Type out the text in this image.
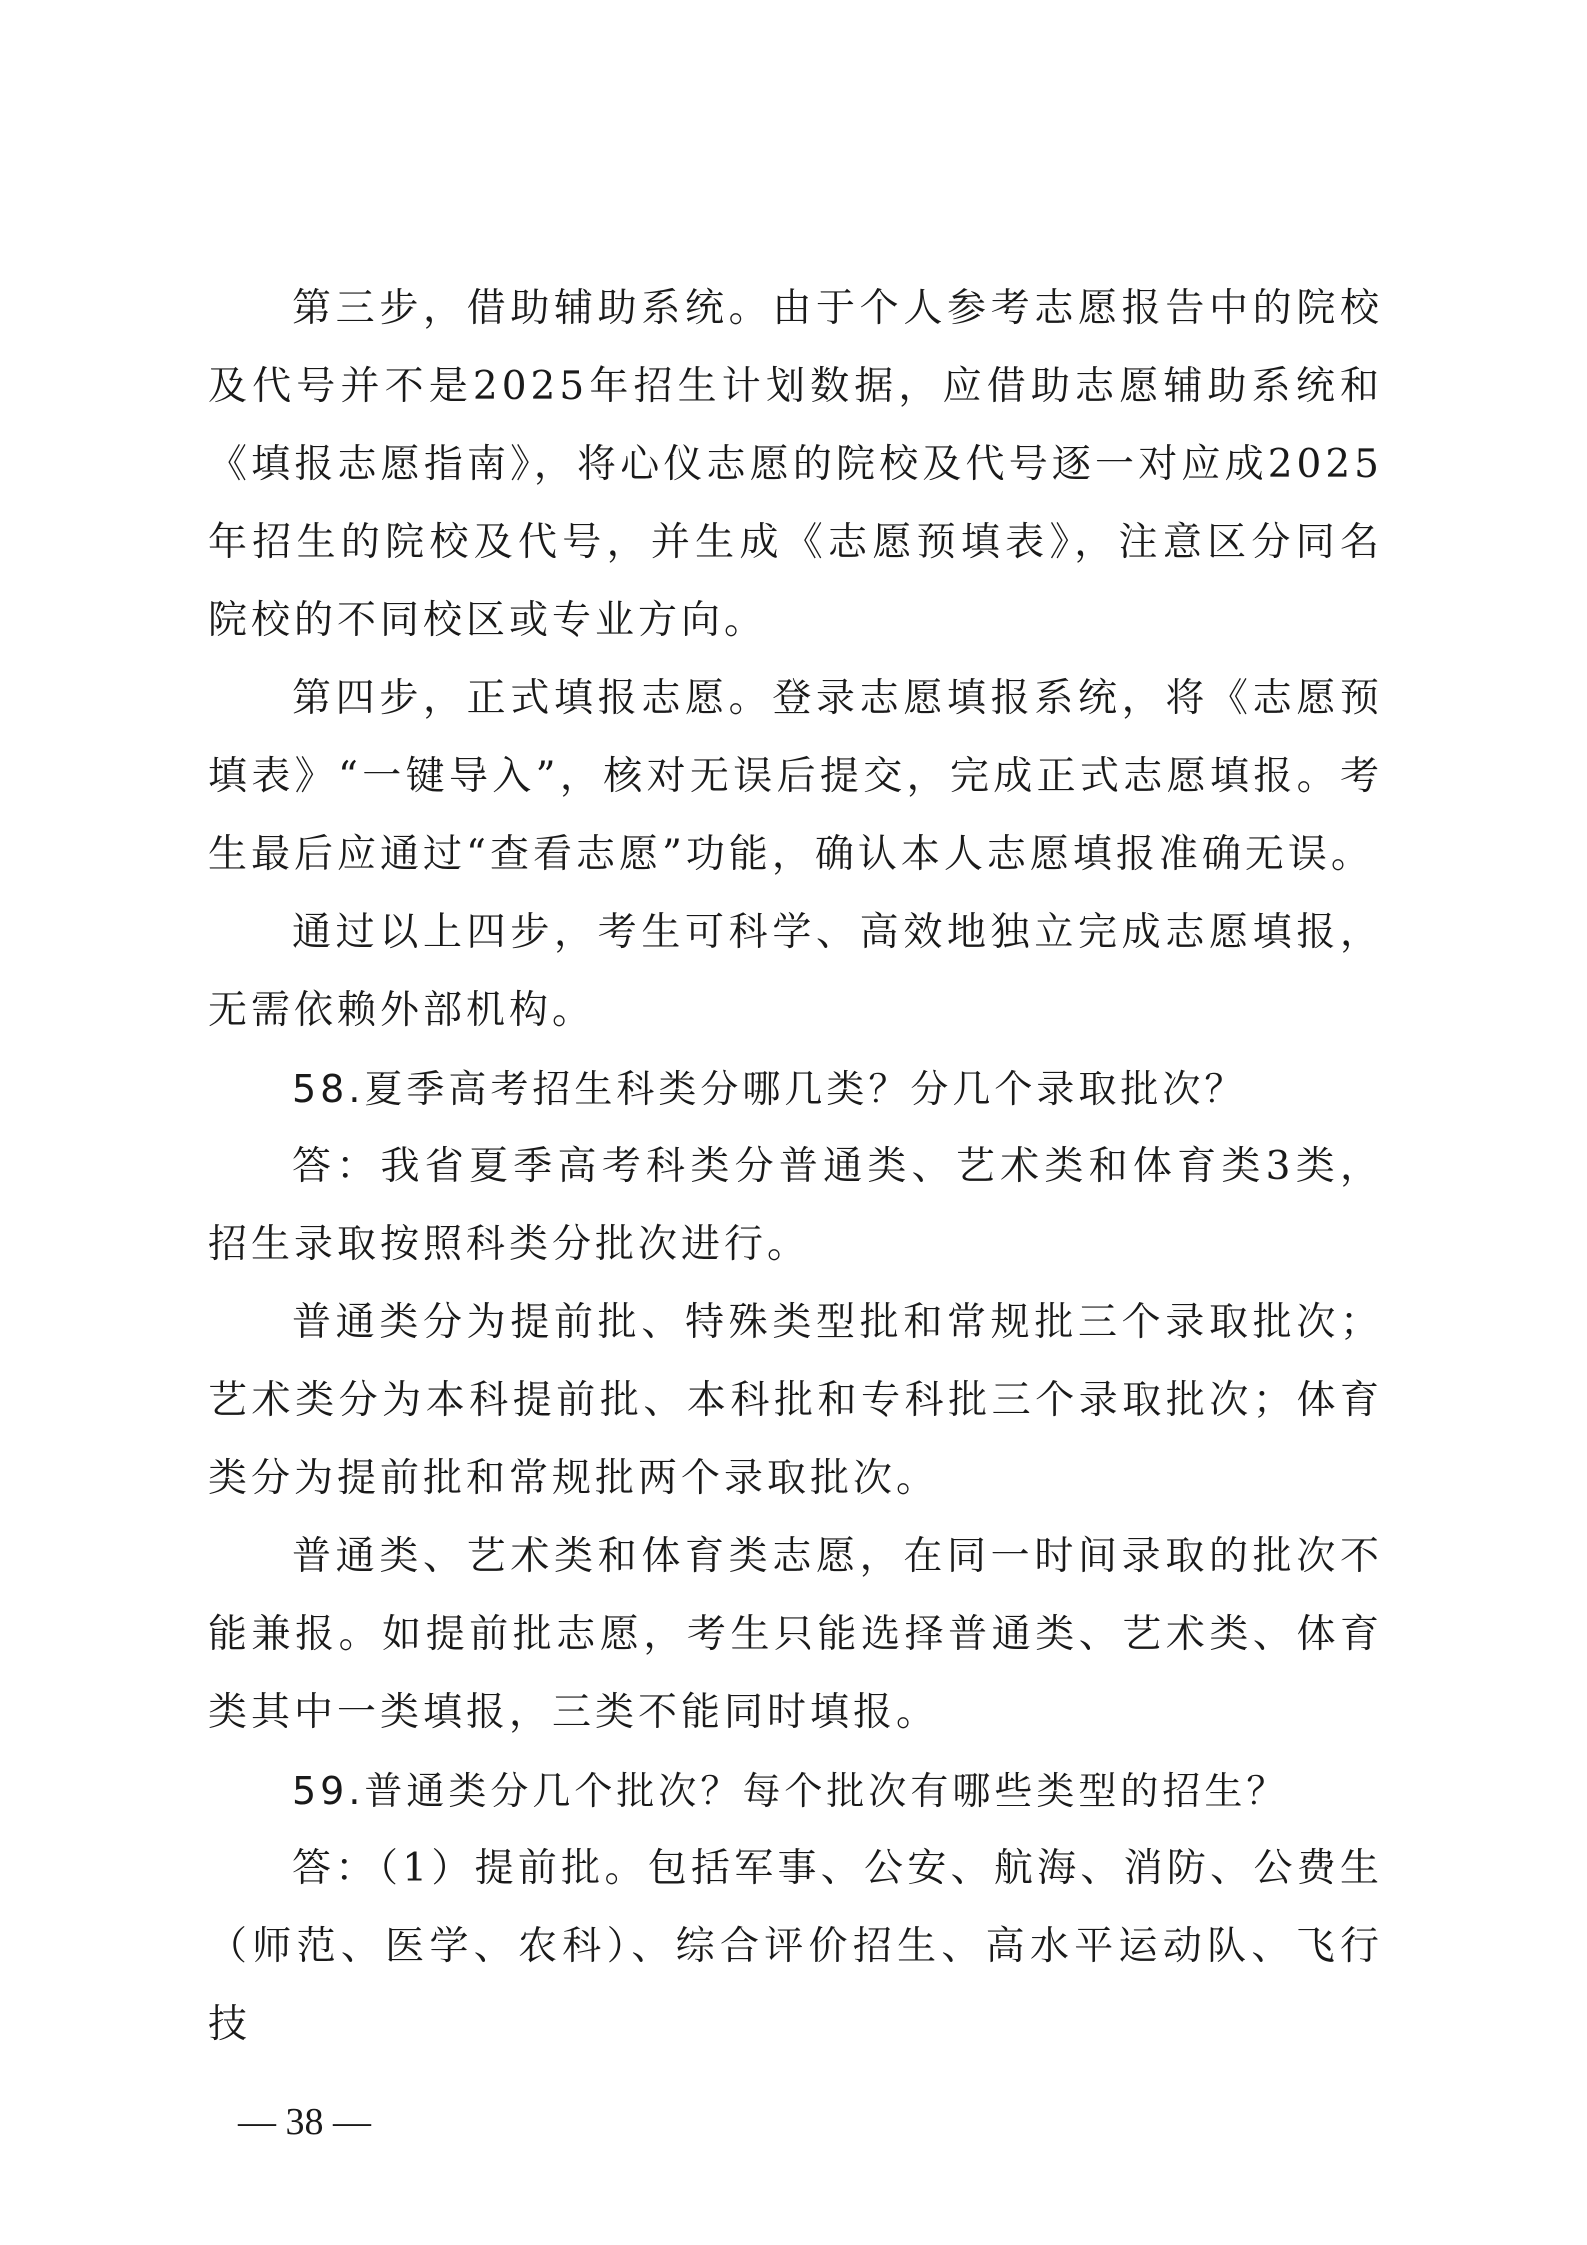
第三步，借助辅助系统。由于个人参考志愿报告中的院校及代号并不是2025年招生计划数据，应借助志愿辅助系统和《填报志愿指南》，将心仪志愿的院校及代号逐一对应成2025年招生的院校及代号，并生成《志愿预填表》，注意区分同名院校的不同校区或专业方向。

第四步，正式填报志愿。登录志愿填报系统，将《志愿预填表》“一键导入”，核对无误后提交，完成正式志愿填报。考生最后应通过“查看志愿”功能，确认本人志愿填报准确无误。

通过以上四步，考生可科学、高效地独立完成志愿填报，无需依赖外部机构。

58.夏季高考招生科类分哪几类？分几个录取批次？

答：我省夏季高考科类分普通类、艺术类和体育类3类，招生录取按照科类分批次进行。

普通类分为提前批、特殊类型批和常规批三个录取批次；艺术类分为本科提前批、本科批和专科批三个录取批次；体育类分为提前批和常规批两个录取批次。

普通类、艺术类和体育类志愿，在同一时间录取的批次不能兼报。如提前批志愿，考生只能选择普通类、艺术类、体育类其中一类填报，三类不能同时填报。

59.普通类分几个批次？每个批次有哪些类型的招生？

答：（1）提前批。包括军事、公安、航海、消防、公费生（师范、医学、农科）、综合评价招生、高水平运动队、飞行技

— 38 —
